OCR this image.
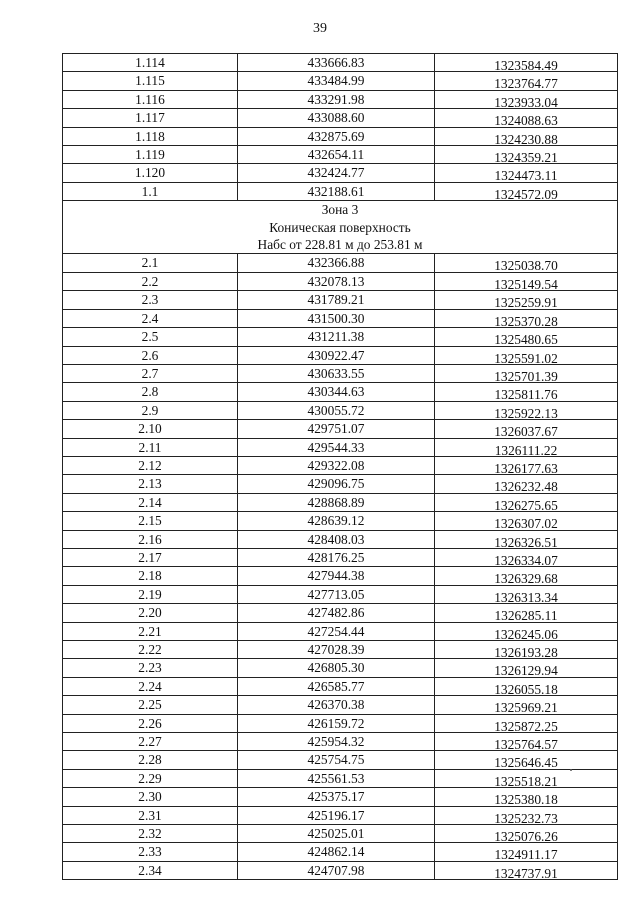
39
1.114	433666.83	1323584.49
1.115	433484.99	1323764.77
1.116	433291.98	1323933.04
1.117	433088.60	1324088.63
1.118	432875.69	1324230.88
1.119	432654.11	1324359.21
1.120	432424.77	1324473.11
1.1	432188.61	1324572.09

Зона 3
Коническая поверхность
Набс от 228.81 м до 253.81 м		

2.1	432366.88	1325038.70
2.2	432078.13	1325149.54
2.3	431789.21	1325259.91
2.4	431500.30	1325370.28
2.5	431211.38	1325480.65
2.6	430922.47	1325591.02
2.7	430633.55	1325701.39
2.8	430344.63	1325811.76
2.9	430055.72	1325922.13
2.10	429751.07	1326037.67
2.11	429544.33	1326111.22
2.12	429322.08	1326177.63
2.13	429096.75	1326232.48
2.14	428868.89	1326275.65
2.15	428639.12	1326307.02
2.16	428408.03	1326326.51
2.17	428176.25	1326334.07
2.18	427944.38	1326329.68
2.19	427713.05	1326313.34
2.20	427482.86	1326285.11
2.21	427254.44	1326245.06
2.22	427028.39	1326193.28
2.23	426805.30	1326129.94
2.24	426585.77	1326055.18
2.25	426370.38	1325969.21
2.26	426159.72	1325872.25
2.27	425954.32	1325764.57
2.28	425754.75	1325646.45
2.29	425561.53	1325518.21
2.30	425375.17	1325380.18
2.31	425196.17	1325232.73
2.32	425025.01	1325076.26
2.33	424862.14	1324911.17
2.34	424707.98	1324737.91
